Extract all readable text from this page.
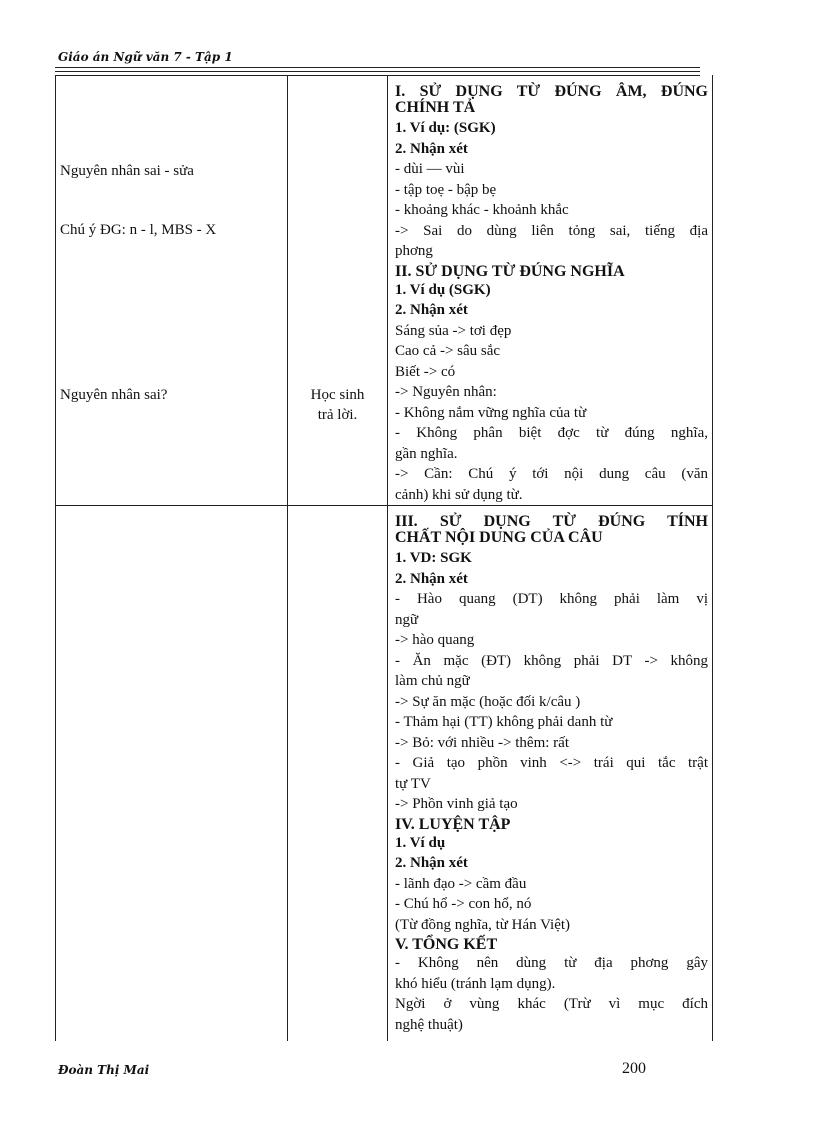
Giáo án Ngữ văn 7 - Tập 1
Nguyên nhân sai - sửa
Chú ý ĐG: n - l, MBS - X
Nguyên nhân sai?	Học sinh
trả lời.
I. SỬ DỤNG TỪ ĐÚNG ÂM, ĐÚNG
CHÍNH TẢ
1. Ví dụ: (SGK)
2. Nhận xét
- dùi — vùi
- tập toẹ - bập bẹ
- khoảng khác - khoảnh khắc
-> Sai do dùng liên tỏng sai, tiếng địa
phơng
II. SỬ DỤNG TỪ ĐÚNG NGHĨA
1. Ví dụ (SGK)
2. Nhận xét
Sáng sủa -> tơi đẹp
Cao cả -> sâu sắc
Biết -> có
-> Nguyên nhân:
- Không nắm vững nghĩa của từ
- Không phân biệt đợc từ đúng nghĩa,
gần nghĩa.
-> Cần: Chú ý tới nội dung câu (văn
cảnh) khi sử dụng từ.
III. SỬ DỤNG TỪ ĐÚNG TÍNH
CHẤT NỘI DUNG CỦA CÂU
1. VD: SGK
2. Nhận xét
- Hào quang (DT) không phải làm vị
ngữ
-> hào quang
- Ăn mặc (ĐT) không phải DT -> không
làm chủ ngữ
-> Sự ăn mặc (hoặc đối k/câu )
- Thảm hại (TT) không phải danh từ
-> Bỏ: với nhiều -> thêm: rất
- Giả tạo phồn vinh <-> trái qui tắc trật
tự TV
-> Phồn vinh giả tạo
IV. LUYỆN TẬP
1. Ví dụ
2. Nhận xét
- lãnh đạo -> cầm đầu
- Chú hổ -> con hổ, nó
(Từ đồng nghĩa, từ Hán Việt)
V. TỔNG KẾT
- Không nên dùng từ địa phơng gây
khó hiểu (tránh lạm dụng).
Ngời ở vùng khác (Trừ vì mục đích
nghệ thuật)
Đoàn Thị Mai	200
